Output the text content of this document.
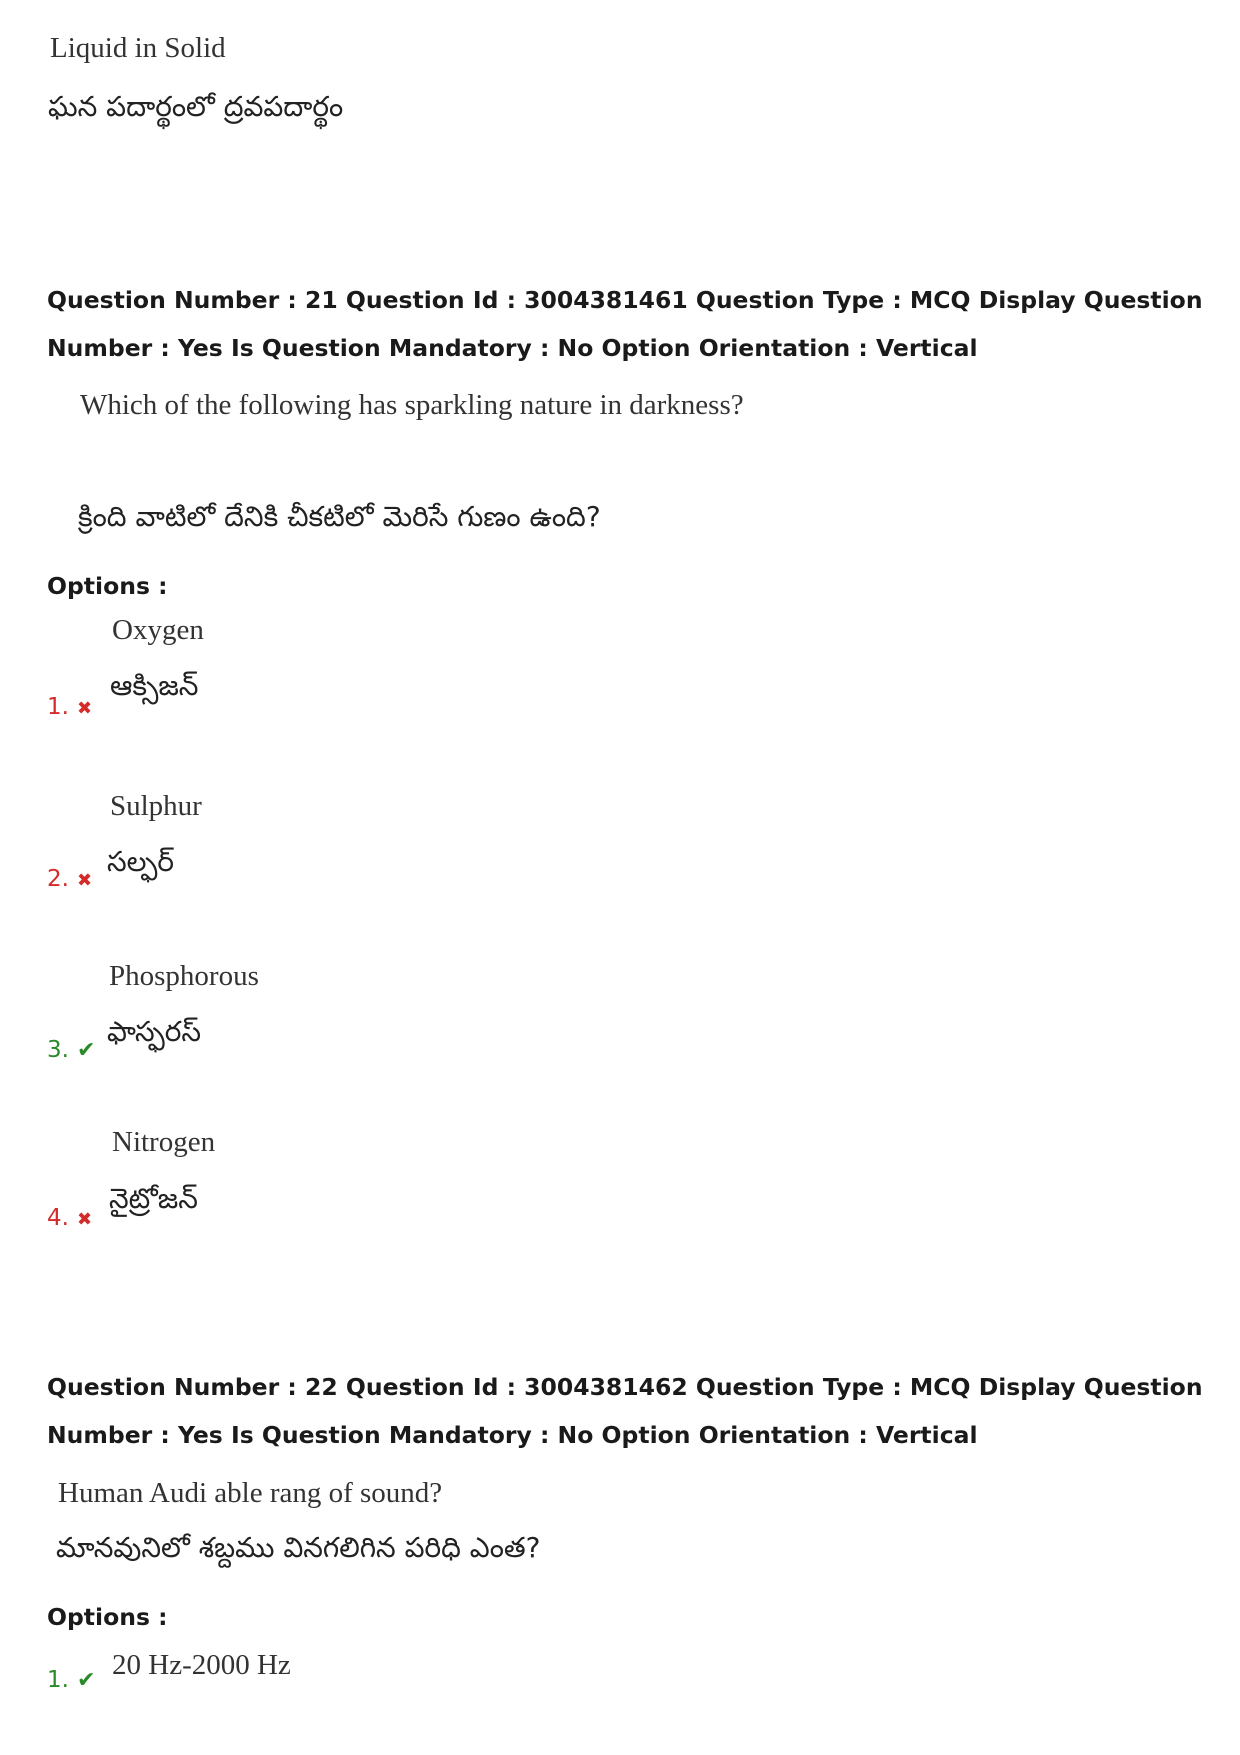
Liquid in Solid
ఘన పదార్థంలో ద్రవపదార్థం
Question Number : 21 Question Id : 3004381461 Question Type : MCQ Display Question
Number : Yes Is Question Mandatory : No Option Orientation : Vertical
Which of the following has sparkling nature in darkness?
క్రింది వాటిలో దేనికి చీకటిలో మెరిసే గుణం ఉంది?
Options :
Oxygen
ఆక్సిజన్
1. ✖
Sulphur
సల్ఫర్
2. ✖
Phosphorous
ఫాస్ఫరస్
3. ✔
Nitrogen
నైట్రోజన్
4. ✖
Question Number : 22 Question Id : 3004381462 Question Type : MCQ Display Question
Number : Yes Is Question Mandatory : No Option Orientation : Vertical
Human Audi able rang of sound?
మానవునిలో శబ్దము వినగలిగిన పరిధి ఎంత?
Options :
20 Hz-2000 Hz
1. ✔
